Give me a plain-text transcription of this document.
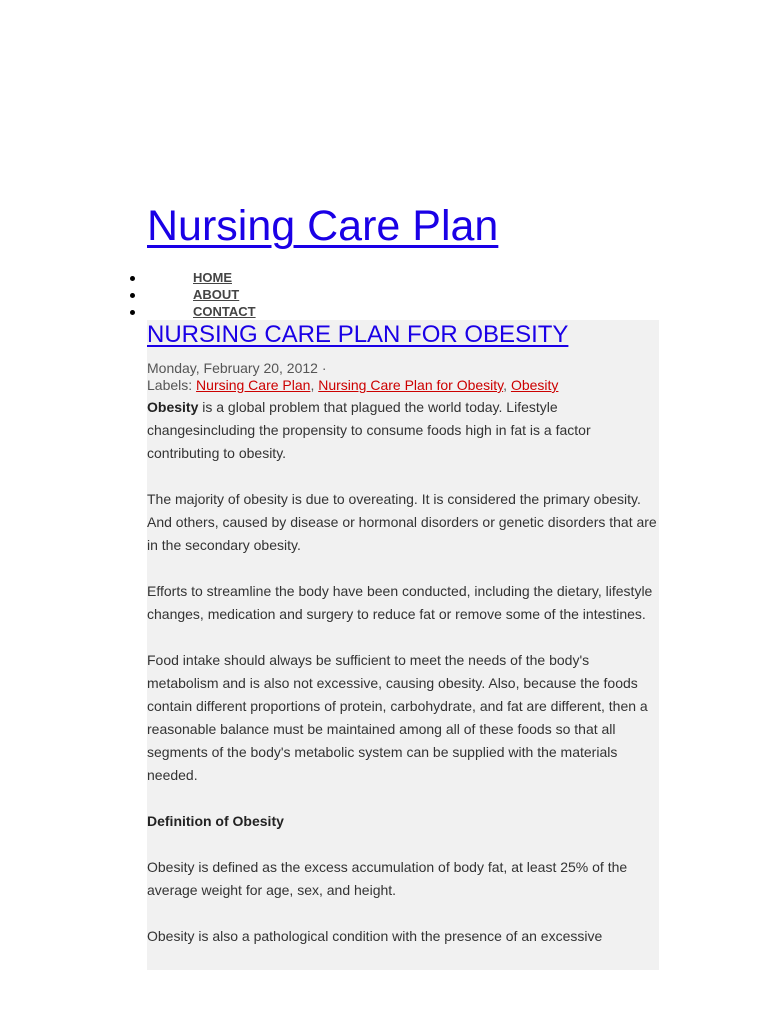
Nursing Care Plan
HOME
ABOUT
CONTACT
NURSING CARE PLAN FOR OBESITY
Monday, February 20, 2012 ·
Labels: Nursing Care Plan, Nursing Care Plan for Obesity, Obesity

Obesity is a global problem that plagued the world today. Lifestyle changesincluding the propensity to consume foods high in fat is a factor contributing to obesity.

The majority of obesity is due to overeating. It is considered the primary obesity. And others, caused by disease or hormonal disorders or genetic disorders that are in the secondary obesity.

Efforts to streamline the body have been conducted, including the dietary, lifestyle changes, medication and surgery to reduce fat or remove some of the intestines.

Food intake should always be sufficient to meet the needs of the body's metabolism and is also not excessive, causing obesity. Also, because the foods contain different proportions of protein, carbohydrate, and fat are different, then a reasonable balance must be maintained among all of these foods so that all segments of the body's metabolic system can be supplied with the materials needed.

Definition of Obesity

Obesity is defined as the excess accumulation of body fat, at least 25% of the average weight for age, sex, and height.

Obesity is also a pathological condition with the presence of an excessive
